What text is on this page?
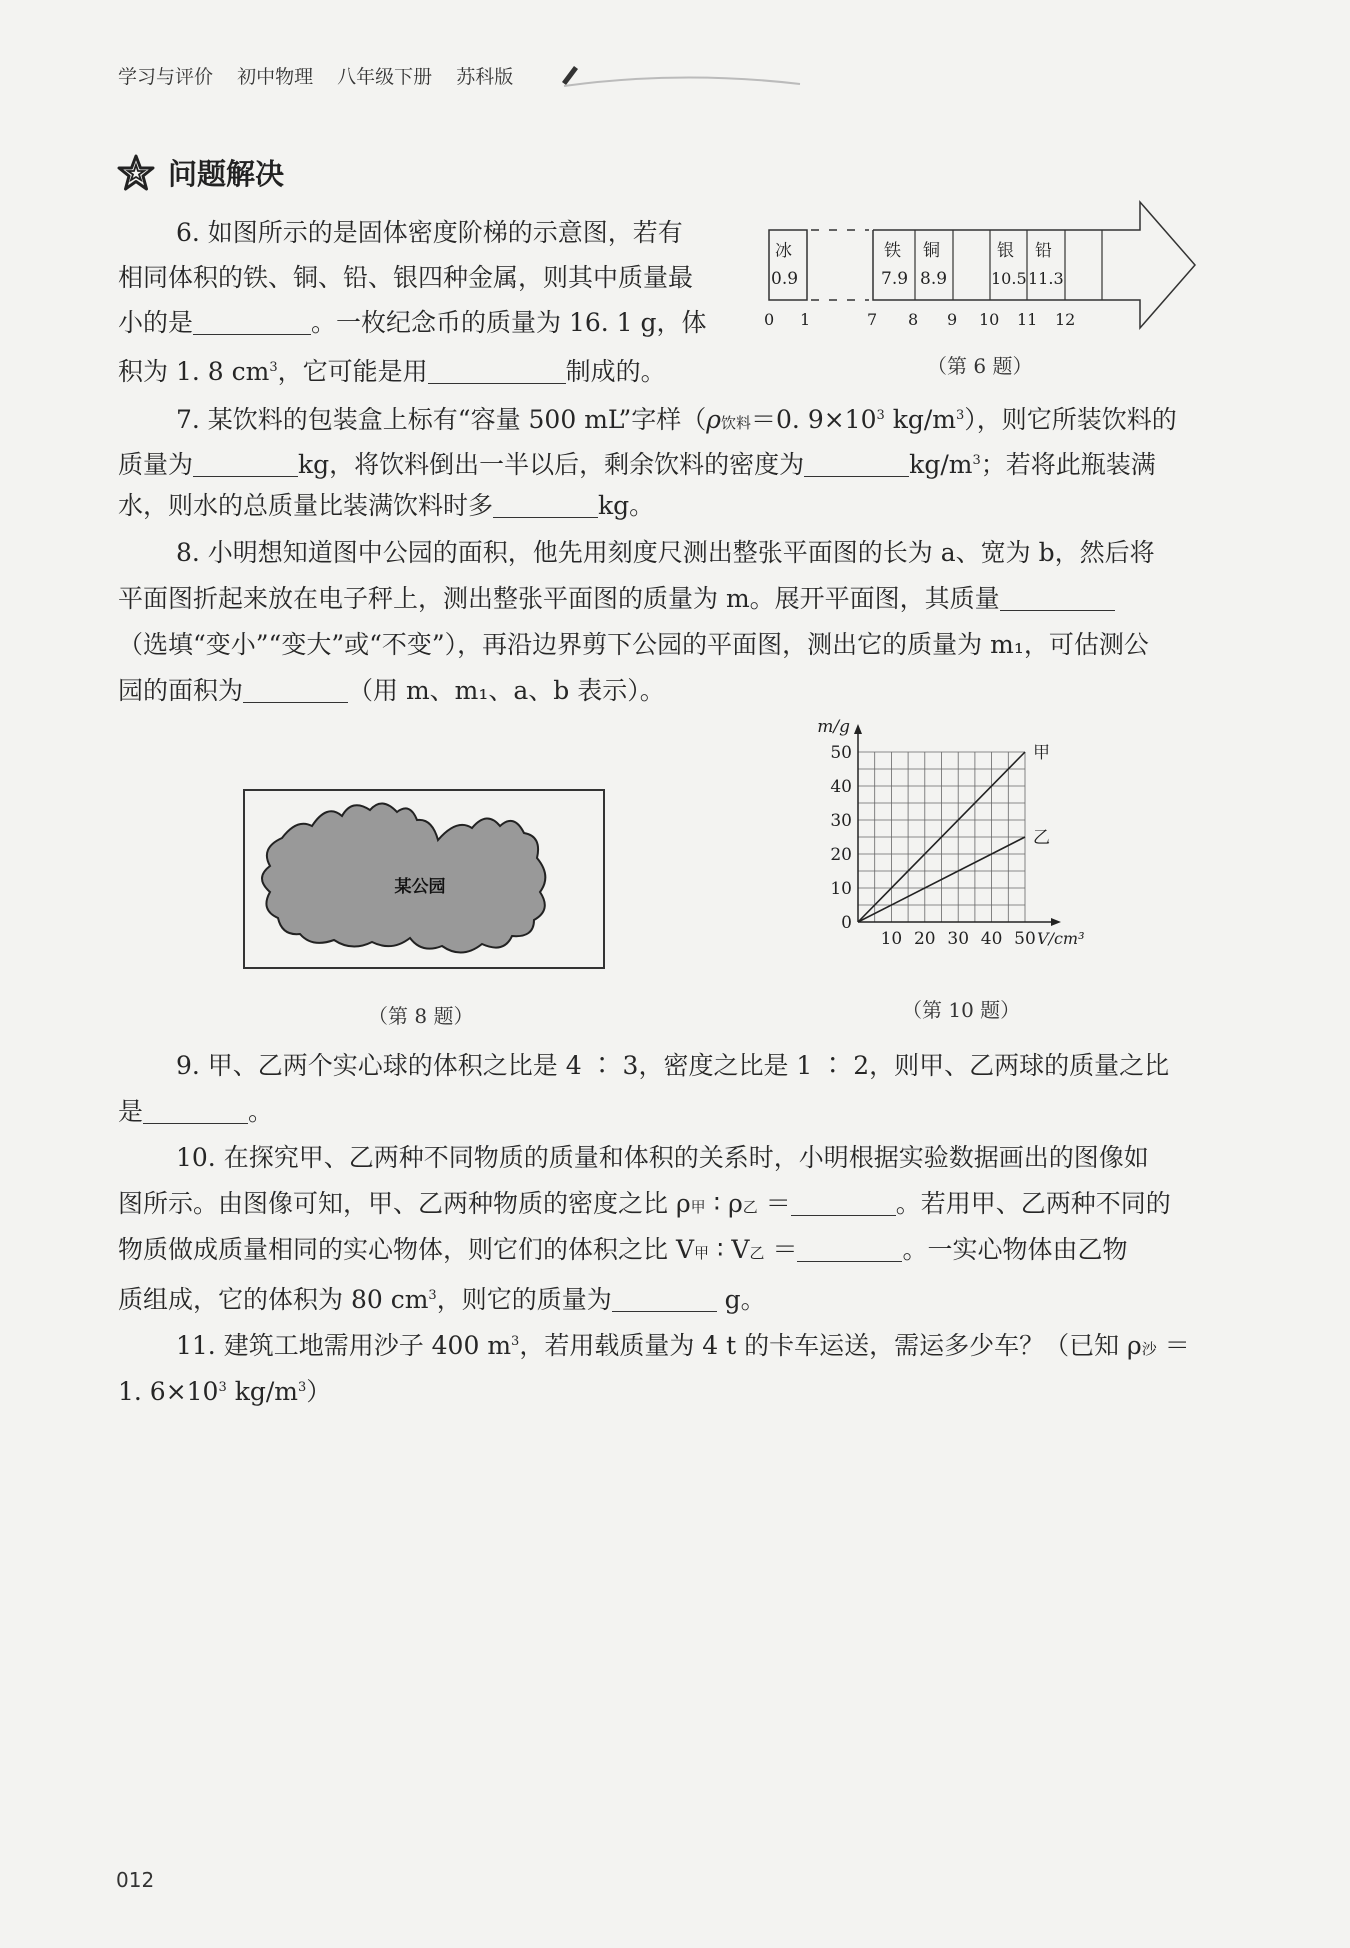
学习与评价 初中物理 八年级下册 苏科版
问题解决
6. 如图所示的是固体密度阶梯的示意图，若有
相同体积的铁、铜、铅、银四种金属，则其中质量最
小的是	。一枚纪念币的质量为 16. 1 g，体
积为 1. 8 $cm^3$，它可能是用	制成的。
冰
0.9
铁
7.9
铜
8.9
银
10.5
铅
11.3
0 1	7 8 9 10 11 12
（第 6 题）
7. 某饮料的包装盒上标有“容量 500 mL”字样（ρ饮料＝0. $9\times 10^3$ $kg/m^3$），则它所装饮料的
质量为	kg，将饮料倒出一半以后，剩余饮料的密度为	$kg/m^3$；若将此瓶装满
水，则水的总质量比装满饮料时多	kg。
8. 小明想知道图中公园的面积，他先用刻度尺测出整张平面图的长为 a、宽为 b，然后将
平面图折起来放在电子秤上，测出整张平面图的质量为 m。展开平面图，其质量
（选填“变小”“变大”或“不变”），再沿边界剪下公园的平面图，测出它的质量为 m₁，可估测公
园的面积为	（用 m、m₁、a、b 表示）。
某公园
（第 8 题）
10 20 30 40 50
10
20
30
40
50
0
m/g
V/cm³
甲
乙
（第 10 题）
9. 甲、乙两个实心球的体积之比是 4 ∶ 3，密度之比是 1 ∶ 2，则甲、乙两球的质量之比
是	。
10. 在探究甲、乙两种不同物质的质量和体积的关系时，小明根据实验数据画出的图像如
图所示。由图像可知，甲、乙两种物质的密度之比 ρ甲 ∶ ρ乙 ＝	。若用甲、乙两种不同的
物质做成质量相同的实心物体，则它们的体积之比 V甲 ∶ V乙 ＝	。一实心物体由乙物
质组成，它的体积为 80 $cm^3$，则它的质量为	g。
11. 建筑工地需用沙子 400 $m^3$，若用载质量为 4 t 的卡车运送，需运多少车？（已知 ρ沙 ＝
1. $6\times 10^3$ $kg/m^3$）
012
